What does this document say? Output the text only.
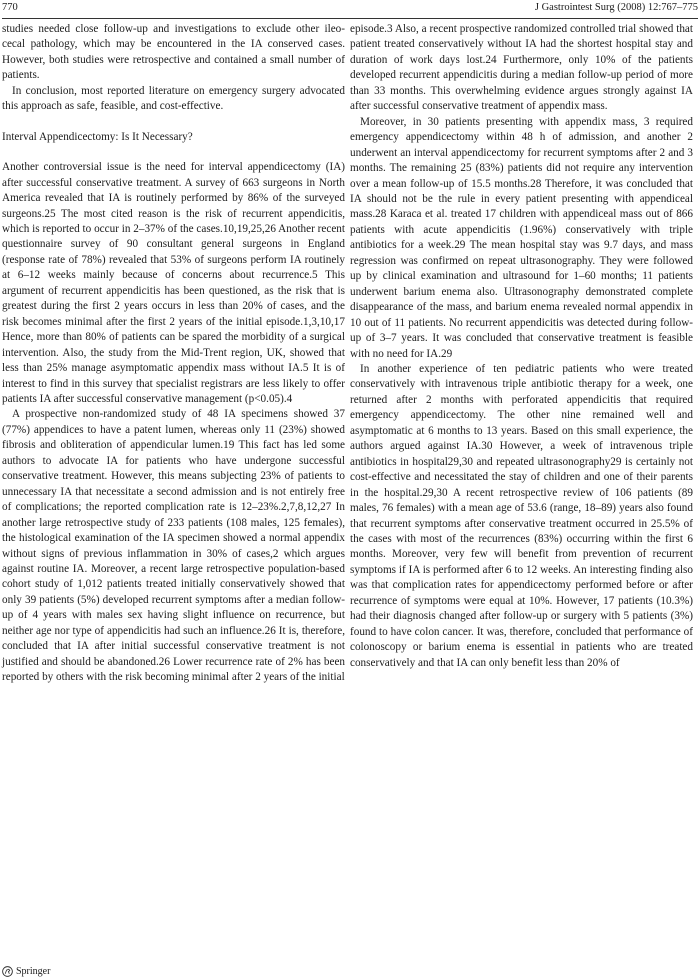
770	J Gastrointest Surg (2008) 12:767–775

studies needed close follow-up and investigations to exclude other ileo-cecal pathology, which may be encountered in the IA conserved cases. However, both studies were retrospective and contained a small number of patients.

In conclusion, most reported literature on emergency surgery advocated this approach as safe, feasible, and cost-effective.

Interval Appendicectomy: Is It Necessary?

Another controversial issue is the need for interval appendicectomy (IA) after successful conservative treatment. A survey of 663 surgeons in North America revealed that IA is routinely performed by 86% of the surveyed surgeons.25 The most cited reason is the risk of recurrent appendicitis, which is reported to occur in 2–37% of the cases.10,19,25,26 Another recent questionnaire survey of 90 consultant general surgeons in England (response rate of 78%) revealed that 53% of surgeons perform IA routinely at 6–12 weeks mainly because of concerns about recurrence.5 This argument of recurrent appendicitis has been questioned, as the risk that is greatest during the first 2 years occurs in less than 20% of cases, and the risk becomes minimal after the first 2 years of the initial episode.1,3,10,17 Hence, more than 80% of patients can be spared the morbidity of a surgical intervention. Also, the study from the Mid-Trent region, UK, showed that less than 25% manage asymptomatic appendix mass without IA.5 It is of interest to find in this survey that specialist registrars are less likely to offer patients IA after successful conservative management (p<0.05).4

A prospective non-randomized study of 48 IA specimens showed 37 (77%) appendices to have a patent lumen, whereas only 11 (23%) showed fibrosis and obliteration of appendicular lumen.19 This fact has led some authors to advocate IA for patients who have undergone successful conservative treatment. However, this means subjecting 23% of patients to unnecessary IA that necessitate a second admission and is not entirely free of complications; the reported complication rate is 12–23%.2,7,8,12,27 In another large retrospective study of 233 patients (108 males, 125 females), the histological examination of the IA specimen showed a normal appendix without signs of previous inflammation in 30% of cases,2 which argues against routine IA. Moreover, a recent large retrospective population-based cohort study of 1,012 patients treated initially conservatively showed that only 39 patients (5%) developed recurrent symptoms after a median follow-up of 4 years with males sex having slight influence on recurrence, but neither age nor type of appendicitis had such an influence.26 It is, therefore, concluded that IA after initial successful conservative treatment is not justified and should be abandoned.26 Lower recurrence rate of 2% has been reported by others with the risk becoming minimal after 2 years of the initial

episode.3 Also, a recent prospective randomized controlled trial showed that patient treated conservatively without IA had the shortest hospital stay and duration of work days lost.24 Furthermore, only 10% of the patients developed recurrent appendicitis during a median follow-up period of more than 33 months. This overwhelming evidence argues strongly against IA after successful conservative treatment of appendix mass.

Moreover, in 30 patients presenting with appendix mass, 3 required emergency appendicectomy within 48 h of admission, and another 2 underwent an interval appendicectomy for recurrent symptoms after 2 and 3 months. The remaining 25 (83%) patients did not require any intervention over a mean follow-up of 15.5 months.28 Therefore, it was concluded that IA should not be the rule in every patient presenting with appendiceal mass.28 Karaca et al. treated 17 children with appendiceal mass out of 866 patients with acute appendicitis (1.96%) conservatively with triple antibiotics for a week.29 The mean hospital stay was 9.7 days, and mass regression was confirmed on repeat ultrasonography. They were followed up by clinical examination and ultrasound for 1–60 months; 11 patients underwent barium enema also. Ultrasonography demonstrated complete disappearance of the mass, and barium enema revealed normal appendix in 10 out of 11 patients. No recurrent appendicitis was detected during follow-up of 3–7 years. It was concluded that conservative treatment is feasible with no need for IA.29

In another experience of ten pediatric patients who were treated conservatively with intravenous triple antibiotic therapy for a week, one returned after 2 months with perforated appendicitis that required emergency appendicectomy. The other nine remained well and asymptomatic at 6 months to 13 years. Based on this small experience, the authors argued against IA.30 However, a week of intravenous triple antibiotics in hospital29,30 and repeated ultrasonography29 is certainly not cost-effective and necessitated the stay of children and one of their parents in the hospital.29,30 A recent retrospective review of 106 patients (89 males, 76 females) with a mean age of 53.6 (range, 18–89) years also found that recurrent symptoms after conservative treatment occurred in 25.5% of the cases with most of the recurrences (83%) occurring within the first 6 months. Moreover, very few will benefit from prevention of recurrent symptoms if IA is performed after 6 to 12 weeks. An interesting finding also was that complication rates for appendicectomy performed before or after recurrence of symptoms were equal at 10%. However, 17 patients (10.3%) had their diagnosis changed after follow-up or surgery with 5 patients (3%) found to have colon cancer. It was, therefore, concluded that performance of colonoscopy or barium enema is essential in patients who are treated conservatively and that IA can only benefit less than 20% of

Springer
